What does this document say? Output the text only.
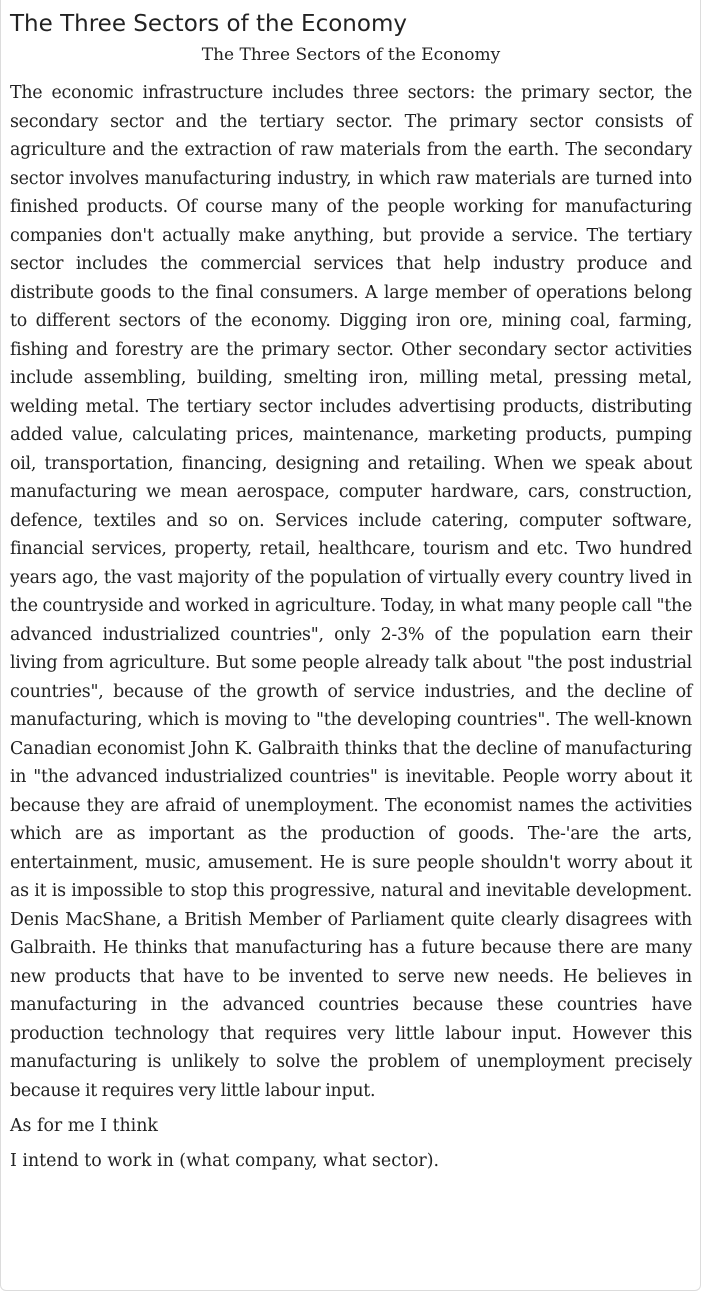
The Three Sectors of the Economy
The Three Sectors of the Economy

The economic infrastructure includes three sectors: the primary sector, the secondary sector and the tertiary sector. The primary sector consists of agriculture and the extraction of raw materials from the earth. The secondary sector involves manufacturing industry, in which raw materials are turned into finished products. Of course many of the people working for manufacturing companies don't actually make anything, but provide a service. The tertiary sector includes the commercial services that help industry produce and distribute goods to the final consumers. A large member of operations belong to different sectors of the economy. Digging iron ore, mining coal, farming, fishing and forestry are the primary sector. Other secondary sector activities include assembling, building, smelting iron, milling metal, pressing metal, welding metal. The tertiary sector includes advertising products, distributing added value, calculating prices, maintenance, marketing products, pumping oil, transportation, financing, designing and retailing. When we speak about manufacturing we mean aerospace, computer hardware, cars, construction, defence, textiles and so on. Services include catering, computer software, financial services, property, retail, healthcare, tourism and etc. Two hundred years ago, the vast majority of the population of virtually every country lived in the countryside and worked in agriculture. Today, in what many people call "the advanced industrialized countries", only 2-3% of the population earn their living from agriculture. But some people already talk about "the post industrial countries", because of the growth of service industries, and the decline of manufacturing, which is moving to "the developing countries". The well-known Canadian economist John K. Galbraith thinks that the decline of manufacturing in "the advanced industrialized countries" is inevitable. People worry about it because they are afraid of unemployment. The economist names the activities which are as important as the production of goods. The-'are the arts, entertainment, music, amusement. He is sure people shouldn't worry about it as it is impossible to stop this progressive, natural and inevitable development. Denis MacShane, a British Member of Parliament quite clearly disagrees with Galbraith. He thinks that manufacturing has a future because there are many new products that have to be invented to serve new needs. He believes in manufacturing in the advanced countries because these countries have production technology that requires very little labour input. However this manufacturing is unlikely to solve the problem of unemployment precisely because it requires very little labour input.

As for me I think

I intend to work in (what company, what sector).
